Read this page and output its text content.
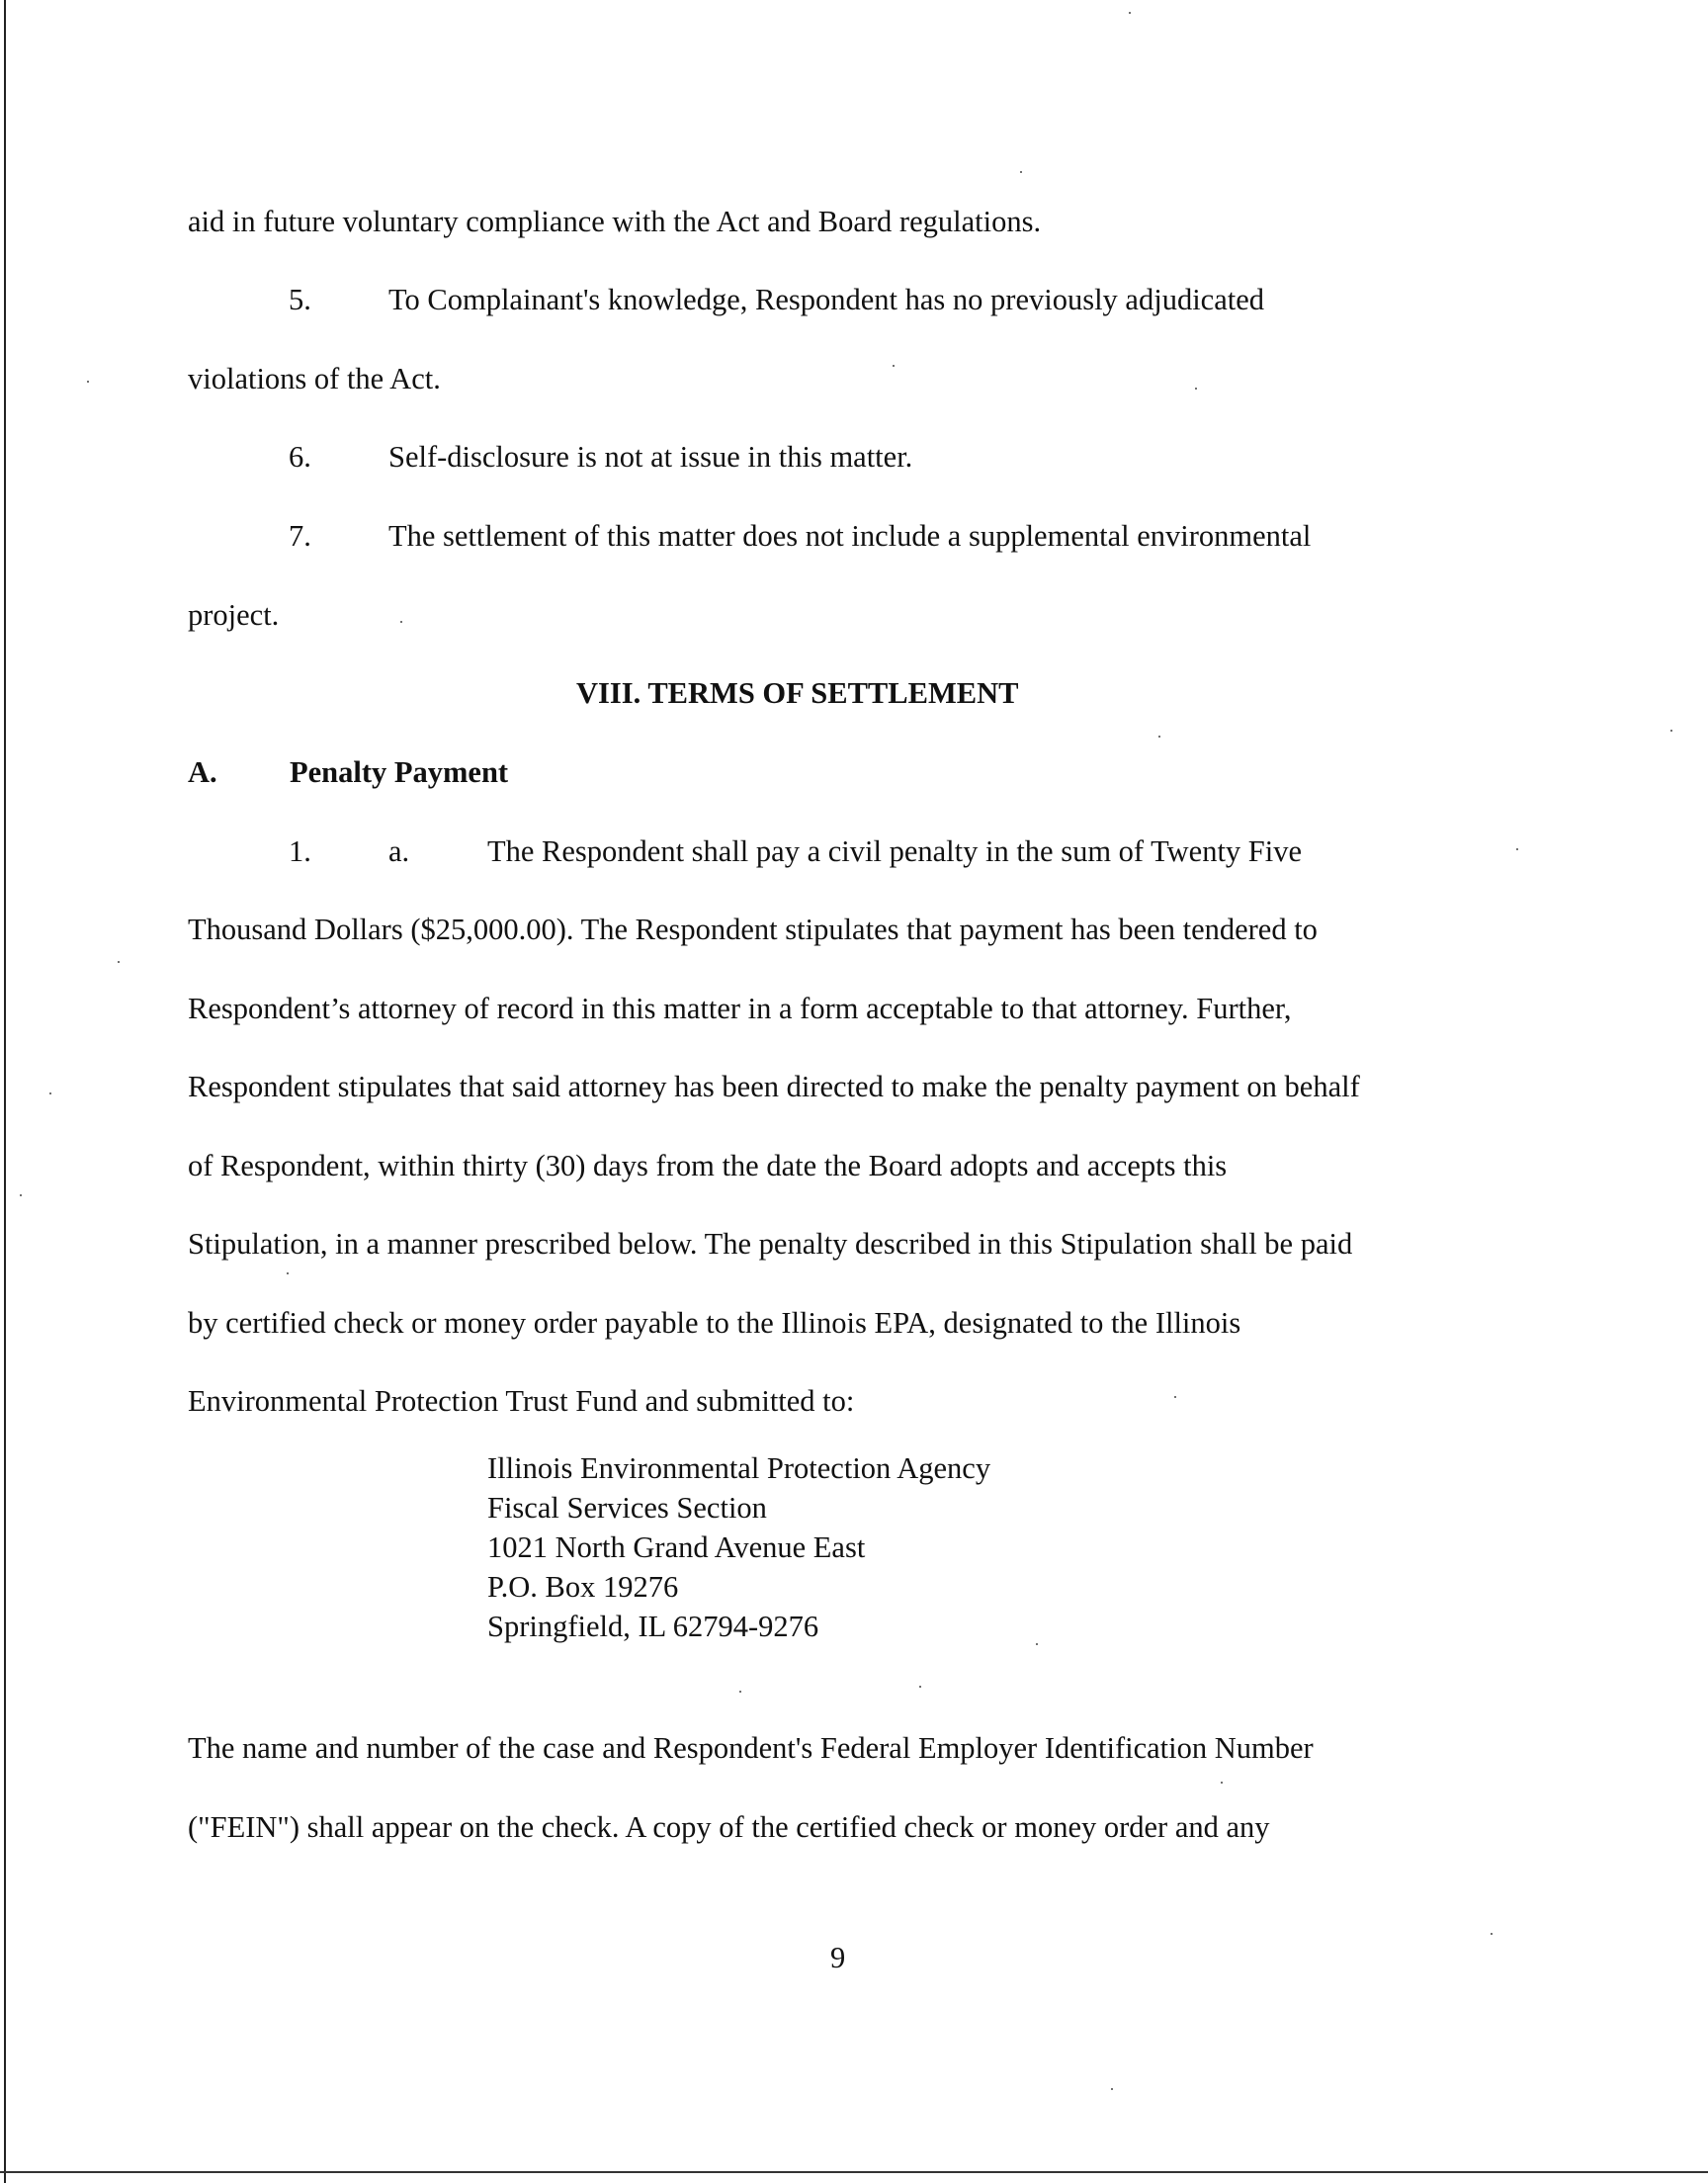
aid in future voluntary compliance with the Act and Board regulations.
5.	To Complainant's knowledge, Respondent has no previously adjudicated
violations of the Act.
6.	Self-disclosure is not at issue in this matter.
7.	The settlement of this matter does not include a supplemental environmental
project.
VIII. TERMS OF SETTLEMENT
A. Penalty Payment
1.	a.	The Respondent shall pay a civil penalty in the sum of Twenty Five
Thousand Dollars ($25,000.00). The Respondent stipulates that payment has been tendered to
Respondent’s attorney of record in this matter in a form acceptable to that attorney. Further,
Respondent stipulates that said attorney has been directed to make the penalty payment on behalf
of Respondent, within thirty (30) days from the date the Board adopts and accepts this
Stipulation, in a manner prescribed below. The penalty described in this Stipulation shall be paid
by certified check or money order payable to the Illinois EPA, designated to the Illinois
Environmental Protection Trust Fund and submitted to:
Illinois Environmental Protection Agency
Fiscal Services Section
1021 North Grand Avenue East
P.O. Box 19276
Springfield, IL 62794-9276
The name and number of the case and Respondent's Federal Employer Identification Number
("FEIN") shall appear on the check. A copy of the certified check or money order and any
9
